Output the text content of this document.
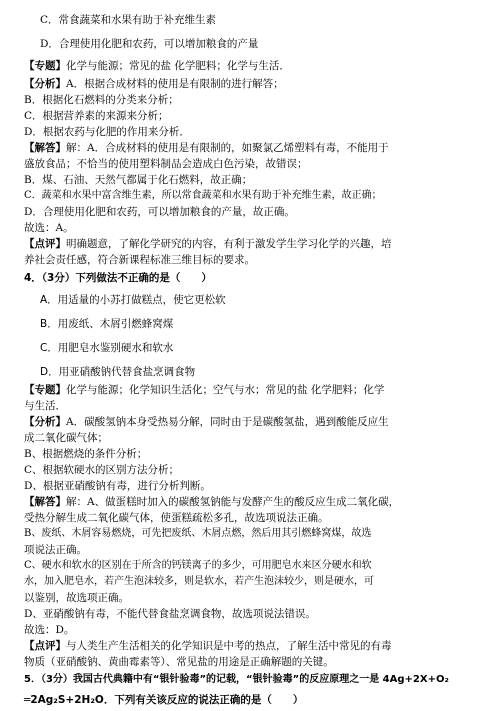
C．常食蔬菜和水果有助于补充维生素
D．合理使用化肥和农药，可以增加粮食的产量
【专题】化学与能源；常见的盐 化学肥料；化学与生活．
【分析】A．根据合成材料的使用是有限制的进行解答；
B．根据化石燃料的分类来分析；
C．根据营养素的来源来分析；
D．根据农药与化肥的作用来分析．
【解答】解：A．合成材料的使用是有限制的，如聚氯乙烯塑料有毒，不能用于
盛放食品；不恰当的使用塑料制品会造成白色污染，故错误；
B．煤、石油、天然气都属于化石燃料，故正确；
C．蔬菜和水果中富含维生素，所以常食蔬菜和水果有助于补充维生素，故正确；
D．合理使用化肥和农药，可以增加粮食的产量，故正确。
故选：A。
【点评】明确题意，了解化学研究的内容，有利于激发学生学习化学的兴趣，培
养社会责任感，符合新课程标准三维目标的要求。
4．（3分）下列做法不正确的是（　　）
A．用适量的小苏打做糕点，使它更松软
B．用废纸、木屑引燃蜂窝煤
C．用肥皂水鉴别硬水和软水
D．用亚硝酸钠代替食盐烹调食物
【专题】化学与能源；化学知识生活化；空气与水；常见的盐 化学肥料；化学
与生活．
【分析】A．碳酸氢钠本身受热易分解，同时由于是碳酸氢盐，遇到酸能反应生
成二氧化碳气体；
B、根据燃烧的条件分析；
C、根据软硬水的区别方法分析；
D、根据亚硝酸钠有毒，进行分析判断。
【解答】解：A、做蛋糕时加入的碳酸氢钠能与发酵产生的酸反应生成二氧化碳，
受热分解生成二氧化碳气体，使蛋糕疏松多孔，故选项说法正确。
B、废纸、木屑容易燃烧，可先把废纸、木屑点燃，然后用其引燃蜂窝煤，故选
项说法正确。
C、硬水和软水的区别在于所含的钙镁离子的多少，可用肥皂水来区分硬水和软
水，加入肥皂水，若产生泡沫较多，则是软水，若产生泡沫较少，则是硬水，可
以鉴别，故选项正确。
D、亚硝酸钠有毒，不能代替食盐烹调食物，故选项说法错误。
故选：D。
【点评】与人类生产生活相关的化学知识是中考的热点，了解生活中常见的有毒
物质（亚硝酸钠、黄曲霉素等）、常见盐的用途是正确解题的关键。
5．（3分）我国古代典籍中有“银针验毒”的记载，“银针验毒”的反应原理之一是 4Ag+2X+O₂
═2Ag₂S+2H₂O．下列有关该反应的说法正确的是（　　）
